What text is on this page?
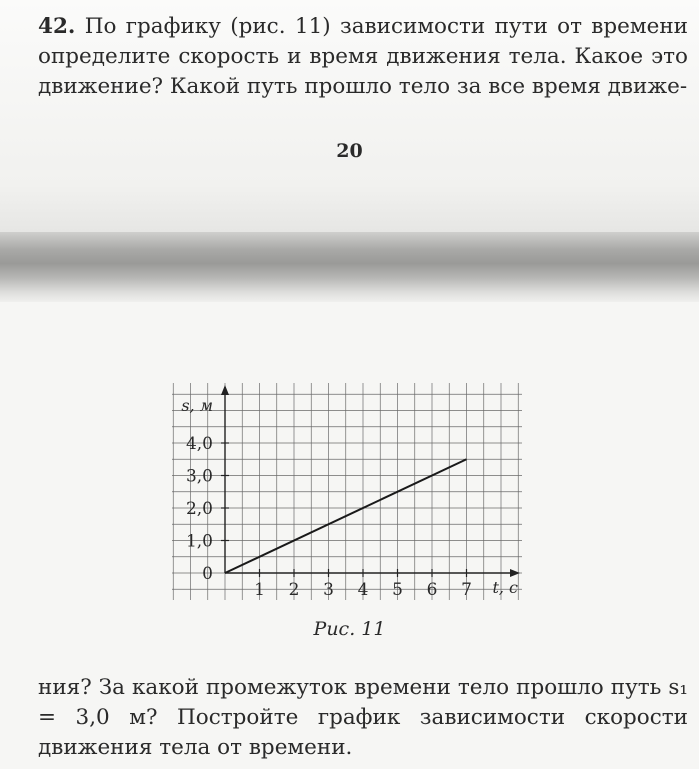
42. По графику (рис. 11) зависимости пути от времени определите скорость и время движения тела. Какое это движение? Какой путь прошло тело за все время движе-

20
1 2 3 4 5 6 7
0
1,0
2,0
3,0
4,0
s, м
t, с
Рис. 11

ния? За какой промежуток времени тело прошло путь s₁ = 3,0 м? Постройте график зависимости скорости движения тела от времени.
